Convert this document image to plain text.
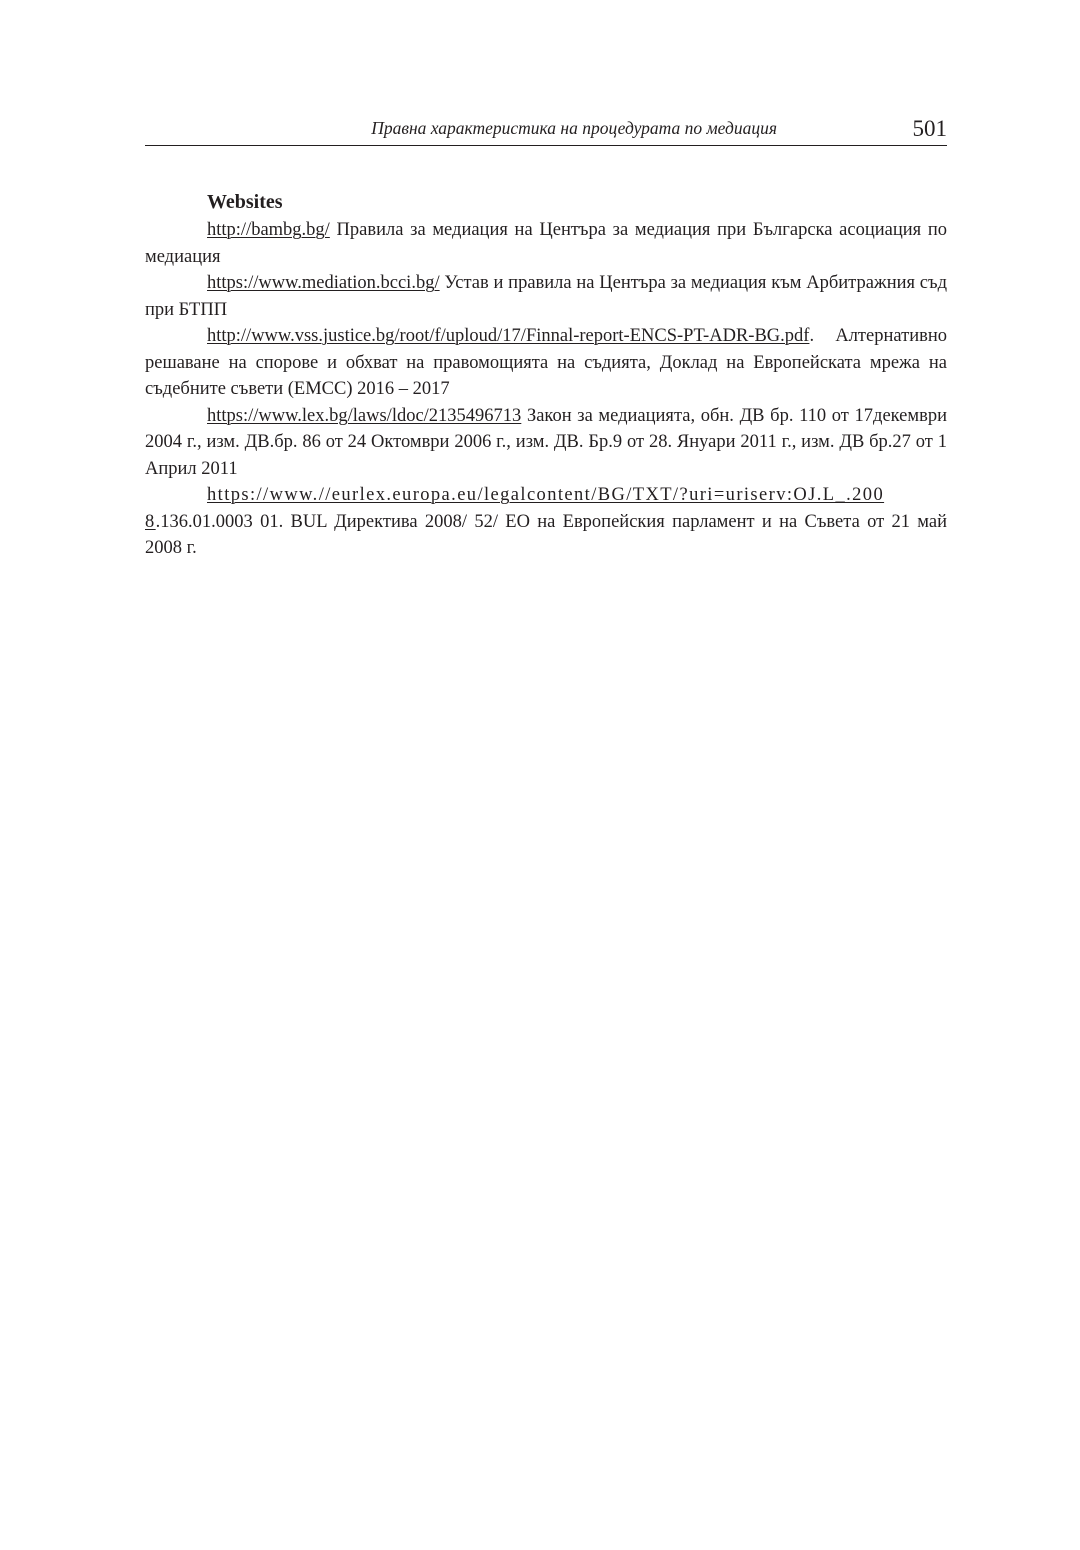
Правна характеристика на процедурата по медиация	501
Websites

http://bambg.bg/ Правила за медиация на Центъра за медиация при Българска асоциация по медиация

https://www.mediation.bcci.bg/ Устав и правила на Центъра за медиация към Арбитражния съд при БТПП

http://www.vss.justice.bg/root/f/uploud/17/Finnal-report-ENCS-PT-ADR-BG.pdf. Алтернативно решаване на спорове и обхват на правомощията на съдията, Доклад на Европейската мрежа на съдебните съвети (ЕМСС) 2016 – 2017

https://www.lex.bg/laws/ldoc/2135496713 Закон за медиацията, обн. ДВ бр. 110 от 17декември 2004 г., изм. ДВ.бр. 86 от 24 Октомври 2006 г., изм. ДВ. Бр.9 от 28. Януари 2011 г., изм. ДВ бр.27 от 1 Април 2011

https://www.//eurlex.europa.eu/legalcontent/BG/TXT/?uri=uriserv:OJ.L_.2008.136.01.0003 01. BUL Директива 2008/ 52/ ЕО на Европейския парламент и на Съвета от 21 май 2008 г.
